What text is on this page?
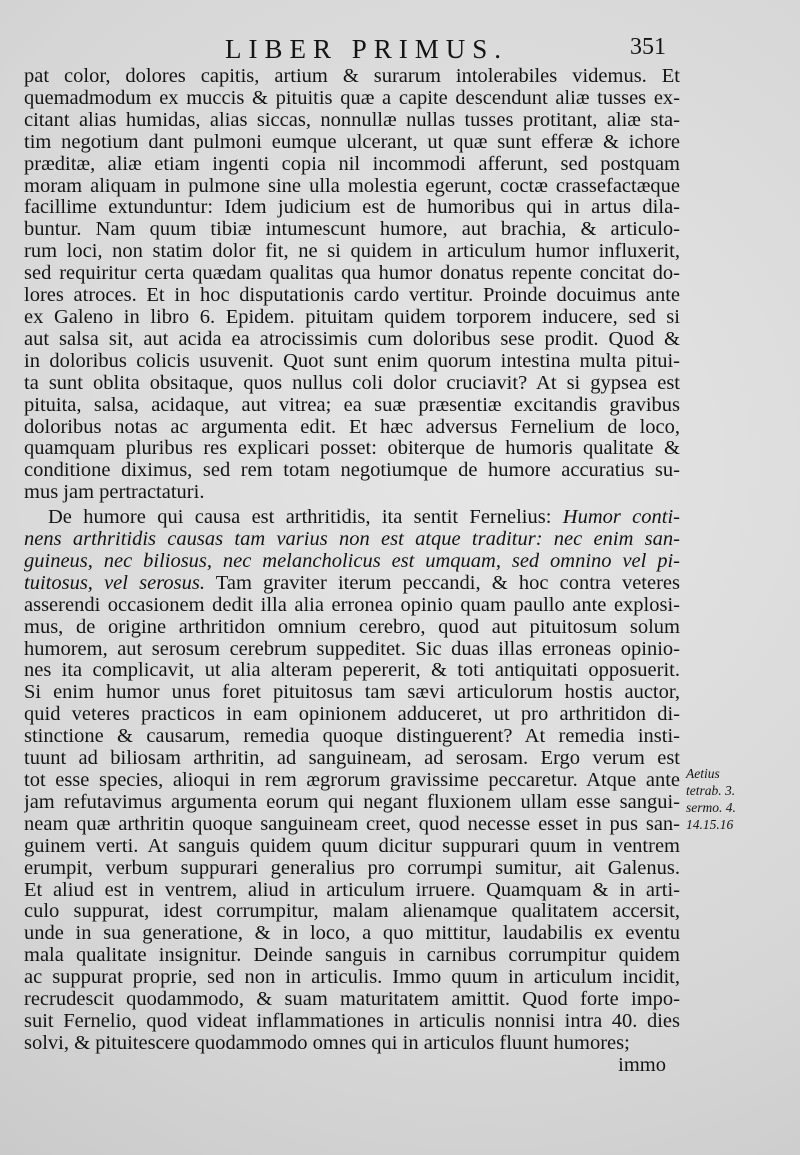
LIBER PRIMUS.	351
pat color, dolores capitis, artium & surarum intolerabiles videmus. Et
quemadmodum ex muccis & pituitis quæ a capite descendunt aliæ tusses ex-
citant alias humidas, alias siccas, nonnullæ nullas tusses protitant, aliæ sta-
tim negotium dant pulmoni eumque ulcerant, ut quæ sunt efferæ & ichore
præditæ, aliæ etiam ingenti copia nil incommodi afferunt, sed postquam
moram aliquam in pulmone sine ulla molestia egerunt, coctæ crassefactæque
facillime extunduntur: Idem judicium est de humoribus qui in artus dila-
buntur. Nam quum tibiæ intumescunt humore, aut brachia, & articulo-
rum loci, non statim dolor fit, ne si quidem in articulum humor influxerit,
sed requiritur certa quædam qualitas qua humor donatus repente concitat do-
lores atroces. Et in hoc disputationis cardo vertitur. Proinde docuimus ante
ex Galeno in libro 6. Epidem. pituitam quidem torporem inducere, sed si
aut salsa sit, aut acida ea atrocissimis cum doloribus sese prodit. Quod &
in doloribus colicis usuvenit. Quot sunt enim quorum intestina multa pitui-
ta sunt oblita obsitaque, quos nullus coli dolor cruciavit? At si gypsea est
pituita, salsa, acidaque, aut vitrea; ea suæ præsentiæ excitandis gravibus
doloribus notas ac argumenta edit. Et hæc adversus Fernelium de loco,
quamquam pluribus res explicari posset: obiterque de humoris qualitate &
conditione diximus, sed rem totam negotiumque de humore accuratius su-
mus jam pertractaturi.
De humore qui causa est arthritidis, ita sentit Fernelius: Humor conti-
nens arthritidis causas tam varius non est atque traditur: nec enim san-
guineus, nec biliosus, nec melancholicus est umquam, sed omnino vel pi-
tuitosus, vel serosus. Tam graviter iterum peccandi, & hoc contra veteres
asserendi occasionem dedit illa alia erronea opinio quam paullo ante explosi-
mus, de origine arthritidon omnium cerebro, quod aut pituitosum solum
humorem, aut serosum cerebrum suppeditet. Sic duas illas erroneas opinio-
nes ita complicavit, ut alia alteram pepererit, & toti antiquitati opposuerit.
Si enim humor unus foret pituitosus tam sævi articulorum hostis auctor,
quid veteres practicos in eam opinionem adduceret, ut pro arthritidon di-
stinctione & causarum, remedia quoque distinguerent? At remedia insti-
tuunt ad biliosam arthritin, ad sanguineam, ad serosam. Ergo verum est
tot esse species, alioqui in rem ægrorum gravissime peccaretur. Atque ante
jam refutavimus argumenta eorum qui negant fluxionem ullam esse sangui-
neam quæ arthritin quoque sanguineam creet, quod necesse esset in pus san-
guinem verti. At sanguis quidem quum dicitur suppurari quum in ventrem
erumpit, verbum suppurari generalius pro corrumpi sumitur, ait Galenus.
Et aliud est in ventrem, aliud in articulum irruere. Quamquam & in arti-
culo suppurat, idest corrumpitur, malam alienamque qualitatem accersit,
unde in sua generatione, & in loco, a quo mittitur, laudabilis ex eventu
mala qualitate insignitur. Deinde sanguis in carnibus corrumpitur quidem
ac suppurat proprie, sed non in articulis. Immo quum in articulum incidit,
recrudescit quodammodo, & suam maturitatem amittit. Quod forte impo-
suit Fernelio, quod videat inflammationes in articulis nonnisi intra 40. dies
solvi, & pituitescere quodammodo omnes qui in articulos fluunt humores;
immo
Aetius
tetrab. 3.
sermo. 4.
14.15.16
